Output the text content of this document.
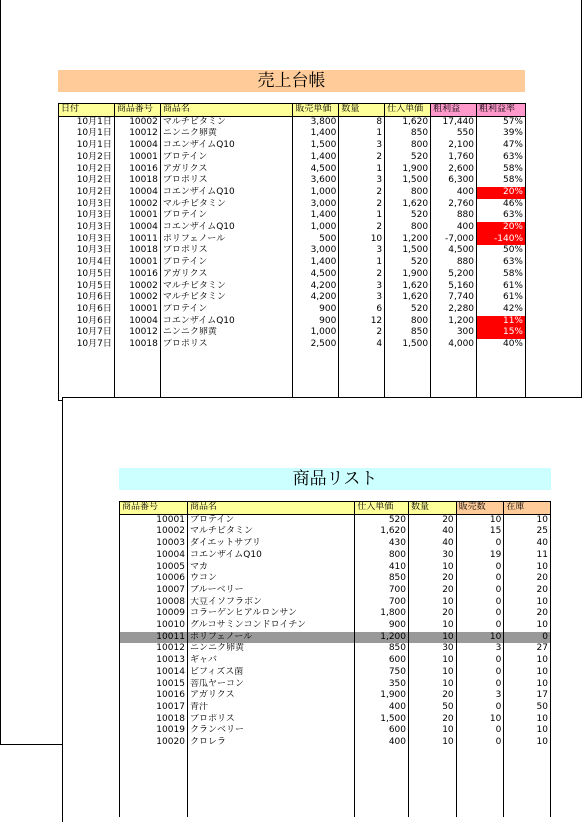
売上台帳
日付	商品番号	商品名	販売単価	数量	仕入単価	粗利益	粗利益率
10月1日	10002	マルチビタミン	3,800	8	1,620	17,440	57%
10月1日	10012	ニンニク卵黄	1,400	1	850	550	39%
10月1日	10004	コエンザイムQ10	1,500	3	800	2,100	47%
10月2日	10001	プロテイン	1,400	2	520	1,760	63%
10月2日	10016	アガリクス	4,500	1	1,900	2,600	58%
10月2日	10018	プロポリス	3,600	3	1,500	6,300	58%
10月2日	10004	コエンザイムQ10	1,000	2	800	400	20%
10月3日	10002	マルチビタミン	3,000	2	1,620	2,760	46%
10月3日	10001	プロテイン	1,400	1	520	880	63%
10月3日	10004	コエンザイムQ10	1,000	2	800	400	20%
10月3日	10011	ポリフェノール	500	10	1,200	-7,000	-140%
10月3日	10018	プロポリス	3,000	3	1,500	4,500	50%
10月4日	10001	プロテイン	1,400	1	520	880	63%
10月5日	10016	アガリクス	4,500	2	1,900	5,200	58%
10月5日	10002	マルチビタミン	4,200	3	1,620	5,160	61%
10月6日	10002	マルチビタミン	4,200	3	1,620	7,740	61%
10月6日	10001	プロテイン	900	6	520	2,280	42%
10月6日	10004	コエンザイムQ10	900	12	800	1,200	11%
10月7日	10012	ニンニク卵黄	1,000	2	850	300	15%
10月7日	10018	プロポリス	2,500	4	1,500	4,000	40%

商品リスト
商品番号	商品名	仕入単価	数量	販売数	在庫
10001	プロテイン	520	20	10	10
10002	マルチビタミン	1,620	40	15	25
10003	ダイエットサプリ	430	40	0	40
10004	コエンザイムQ10	800	30	19	11
10005	マカ	410	10	0	10
10006	ウコン	850	20	0	20
10007	ブルーベリー	700	20	0	20
10008	大豆イソフラボン	700	10	0	10
10009	コラーゲンヒアルロンサン	1,800	20	0	20
10010	グルコサミンコンドロイチン	900	10	0	10
10011	ポリフェノール	1,200	10	10	0
10012	ニンニク卵黄	850	30	3	27
10013	ギャバ	600	10	0	10
10014	ビフィズス菌	750	10	0	10
10015	菩瓜ヤーコン	350	10	0	10
10016	アガリクス	1,900	20	3	17
10017	青汁	400	50	0	50
10018	プロポリス	1,500	20	10	10
10019	クランベリー	600	10	0	10
10020	クロレラ	400	10	0	10
